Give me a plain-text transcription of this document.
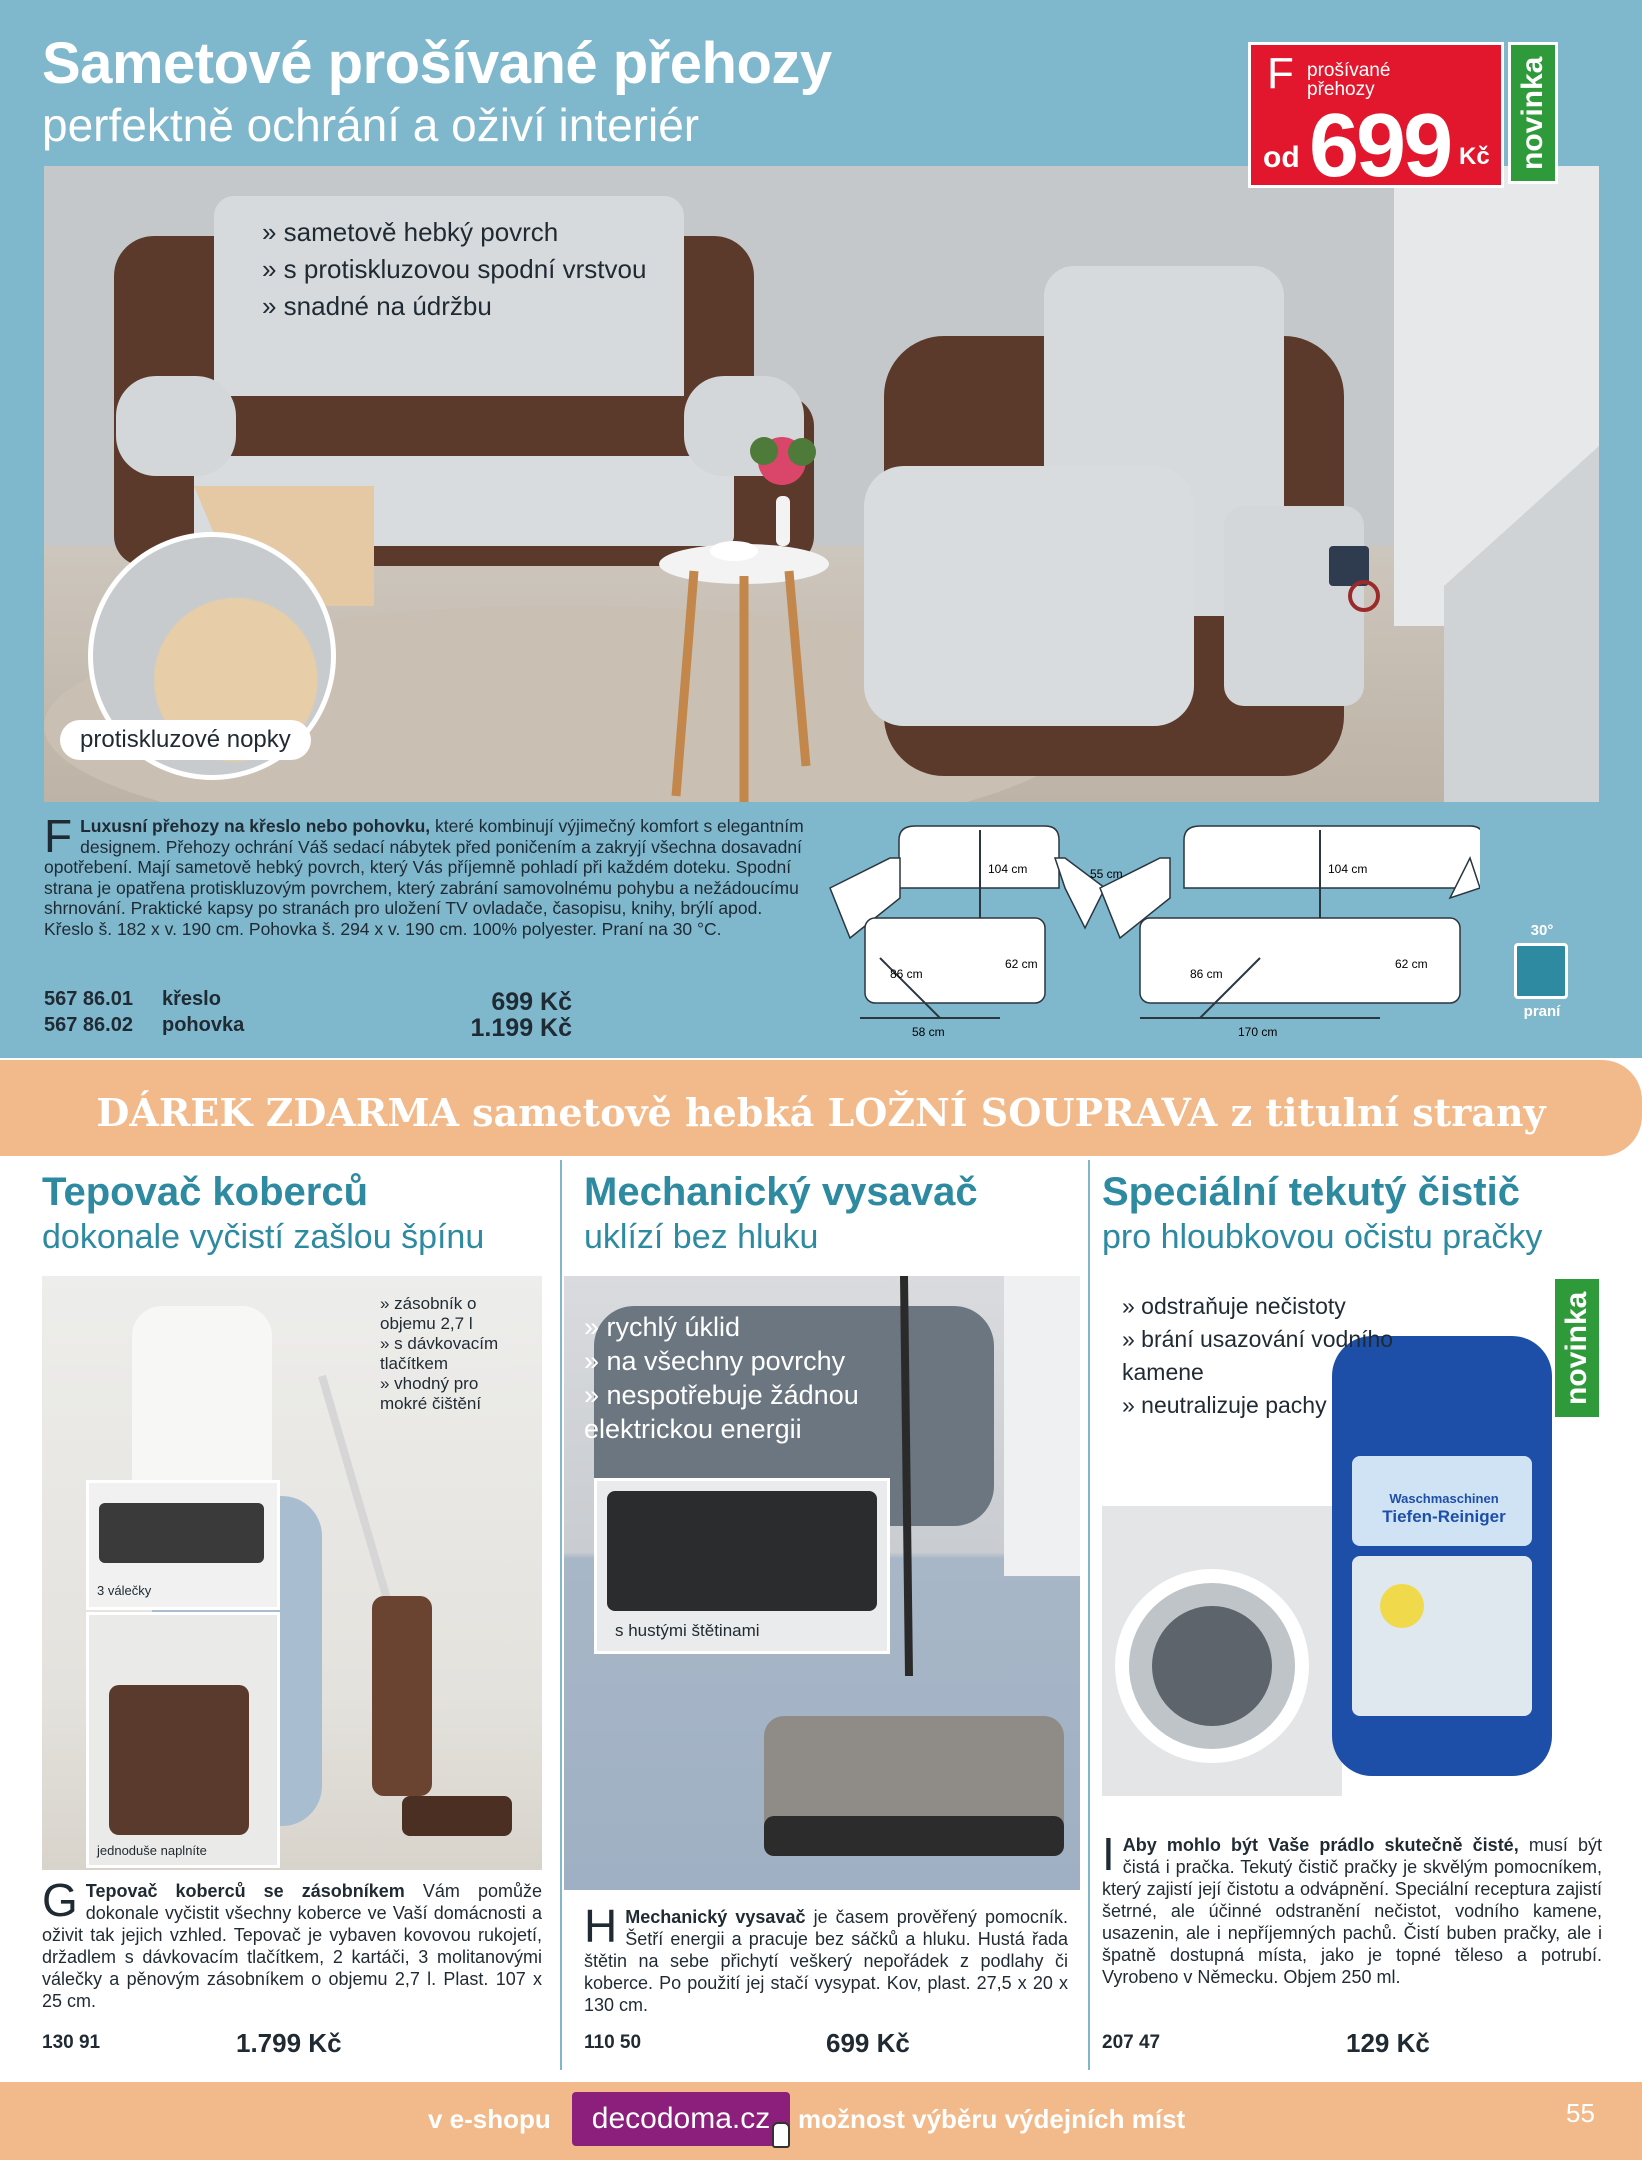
Sametové prošívané přehozy
perfektně ochrání a oživí interiér
F prošívané přehozy
od 699 Kč novinka
» sametově hebký povrch
» s protiskluzovou spodní vrstvou
» snadné na údržbu
protiskluzové nopky
F Luxusní přehozy na křeslo nebo pohovku, které kombinují výjimečný komfort s elegantním designem. Přehozy ochrání Váš sedací nábytek před poničením a zakryjí všechna dosavadní opotřebení. Mají sametově hebký povrch, který Vás příjemně pohladí při každém doteku. Spodní strana je opatřena protiskluzovým povrchem, který zabrání samovolnému pohybu a nežádoucímu shrnování. Praktické kapsy po stranách pro uložení TV ovladače, časopisu, knihy, brýlí apod. Křeslo š. 182 x v. 190 cm. Pohovka š. 294 x v. 190 cm. 100% polyester. Praní na 30 °C.
567 86.01 křeslo	699 Kč
567 86.02 pohovka	1.199 Kč
104 cm
86 cm
62 cm
58 cm
55 cm	104 cm
86 cm
62 cm
170 cm
30°
praní
DÁREK ZDARMA sametově hebká LOŽNÍ SOUPRAVA z titulní strany
Tepovač koberců
dokonale vyčistí zašlou špínu
» zásobník o objemu 2,7 l
» s dávkovacím tlačítkem
» vhodný pro mokré čištění
3 válečky
jednoduše naplníte
G Tepovač koberců se zásobníkem Vám pomůže dokonale vyčistit všechny koberce ve Vaší domácnosti a oživit tak jejich vzhled. Tepovač je vybaven kovovou rukojetí, držadlem s dávkovacím tlačítkem, 2 kartáči, 3 molitanovými válečky a pěnovým zásobníkem o objemu 2,7 l. Plast. 107 x 25 cm.
130 91	1.799 Kč
Mechanický vysavač
uklízí bez hluku
» rychlý úklid
» na všechny povrchy
» nespotřebuje žádnou elektrickou energii
s hustými štětinami
H Mechanický vysavač je časem prověřený pomocník. Šetří energii a pracuje bez sáčků a hluku. Hustá řada štětin na sebe přichytí veškerý nepořádek z podlahy či koberce. Po použití jej stačí vysypat. Kov, plast. 27,5 x 20 x 130 cm.
110 50	699 Kč
Speciální tekutý čistič
pro hloubkovou očistu pračky
» odstraňuje nečistoty
» brání usazování vodního kamene
» neutralizuje pachy
Waschmaschinen
Tiefen-Reiniger
novinka
I Aby mohlo být Vaše prádlo skutečně čisté, musí být čistá i pračka. Tekutý čistič pračky je skvělým pomocníkem, který zajistí její čistotu a odvápnění. Speciální receptura zajistí šetrné, ale účinné odstranění nečistot, vodního kamene, usazenin, ale i nepříjemných pachů. Čistí buben pračky, ale i špatně dostupná místa, jako je topné těleso a potrubí. Vyrobeno v Německu. Objem 250 ml.
207 47	129 Kč
v e-shopu	decodoma.cz	možnost výběru výdejních míst	55
